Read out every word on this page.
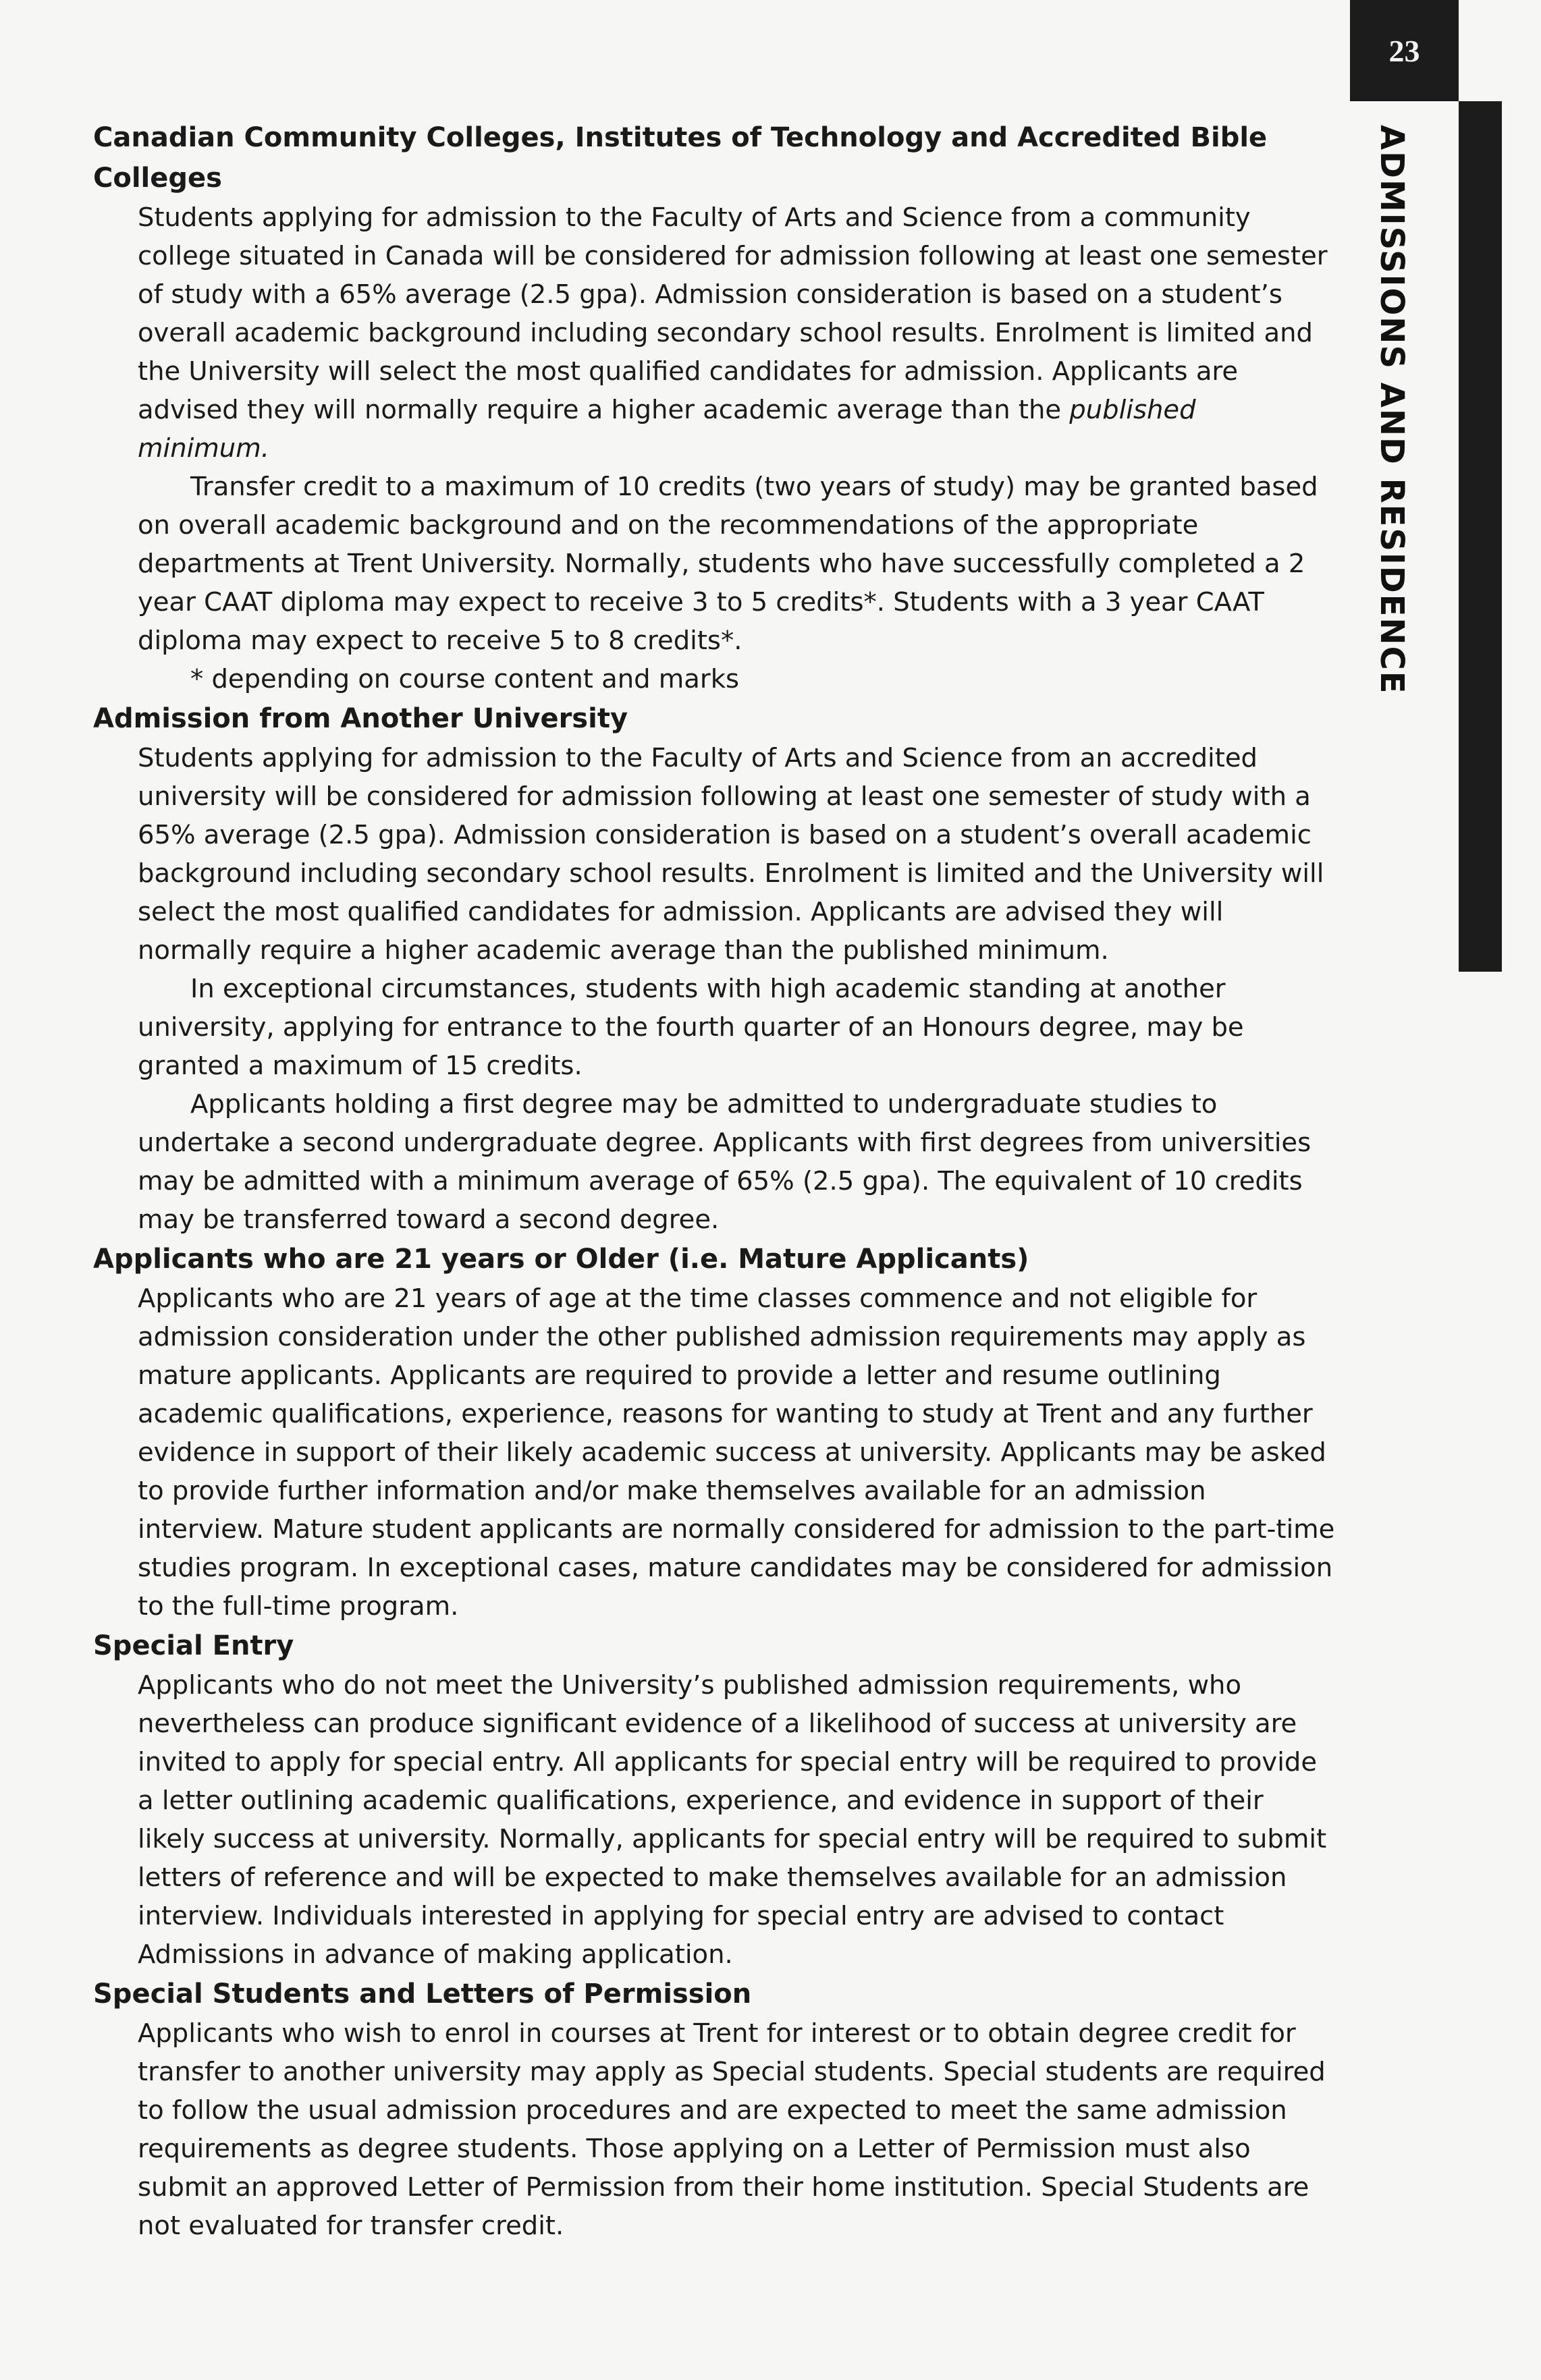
23
ADMISSIONS AND RESIDENCE
Canadian Community Colleges, Institutes of Technology and Accredited Bible Colleges

Students applying for admission to the Faculty of Arts and Science from a community college situated in Canada will be considered for admission following at least one semester of study with a 65% average (2.5 gpa). Admission consideration is based on a student’s overall academic background including secondary school results. Enrolment is limited and the University will select the most qualified candidates for admission. Applicants are advised they will normally require a higher academic average than the published minimum.

Transfer credit to a maximum of 10 credits (two years of study) may be granted based on overall academic background and on the recommendations of the appropriate departments at Trent University. Normally, students who have successfully completed a 2 year CAAT diploma may expect to receive 3 to 5 credits*. Students with a 3 year CAAT diploma may expect to receive 5 to 8 credits*.

* depending on course content and marks

Admission from Another University

Students applying for admission to the Faculty of Arts and Science from an accredited university will be considered for admission following at least one semester of study with a 65% average (2.5 gpa). Admission consideration is based on a student’s overall academic background including secondary school results. Enrolment is limited and the University will select the most qualified candidates for admission. Applicants are advised they will normally require a higher academic average than the published minimum.

In exceptional circumstances, students with high academic standing at another university, applying for entrance to the fourth quarter of an Honours degree, may be granted a maximum of 15 credits.

Applicants holding a first degree may be admitted to undergraduate studies to undertake a second undergraduate degree. Applicants with first degrees from universities may be admitted with a minimum average of 65% (2.5 gpa). The equivalent of 10 credits may be transferred toward a second degree.

Applicants who are 21 years or Older (i.e. Mature Applicants)

Applicants who are 21 years of age at the time classes commence and not eligible for admission consideration under the other published admission requirements may apply as mature applicants. Applicants are required to provide a letter and resume outlining academic qualifications, experience, reasons for wanting to study at Trent and any further evidence in support of their likely academic success at university. Applicants may be asked to provide further information and/or make themselves available for an admission interview. Mature student applicants are normally considered for admission to the part-time studies program. In exceptional cases, mature candidates may be considered for admission to the full-time program.

Special Entry

Applicants who do not meet the University’s published admission requirements, who nevertheless can produce significant evidence of a likelihood of success at university are invited to apply for special entry. All applicants for special entry will be required to provide a letter outlining academic qualifications, experience, and evidence in support of their likely success at university. Normally, applicants for special entry will be required to submit letters of reference and will be expected to make themselves available for an admission interview. Individuals interested in applying for special entry are advised to contact Admissions in advance of making application.

Special Students and Letters of Permission

Applicants who wish to enrol in courses at Trent for interest or to obtain degree credit for transfer to another university may apply as Special students. Special students are required to follow the usual admission procedures and are expected to meet the same admission requirements as degree students. Those applying on a Letter of Permission must also submit an approved Letter of Permission from their home institution. Special Students are not evaluated for transfer credit.
